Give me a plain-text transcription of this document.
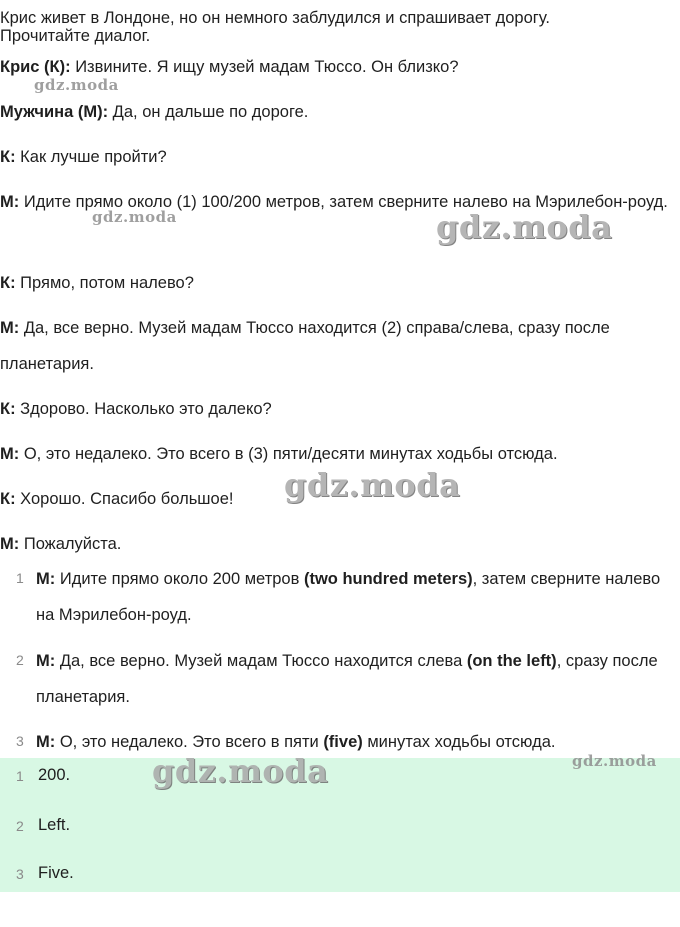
Крис живет в Лондоне, но он немного заблудился и спрашивает дорогу.
Прочитайте диалог.
Крис (К): Извините. Я ищу музей мадам Тюссо. Он близко?
Мужчина (М): Да, он дальше по дороге.
К: Как лучше пройти?
М: Идите прямо около (1) 100/200 метров, затем сверните налево на Мэрилебон-роуд.
К: Прямо, потом налево?
М: Да, все верно. Музей мадам Тюссо находится (2) справа/слева, сразу после планетария.
К: Здорово. Насколько это далеко?
М: О, это недалеко. Это всего в (3) пяти/десяти минутах ходьбы отсюда.
К: Хорошо. Спасибо большое!
М: Пожалуйста.
1 М: Идите прямо около 200 метров (two hundred meters), затем сверните налево на Мэрилебон-роуд.
2 М: Да, все верно. Музей мадам Тюссо находится слева (on the left), сразу после планетария.
3 М: О, это недалеко. Это всего в пяти (five) минутах ходьбы отсюда.
1 200.
2 Left.
3 Five.
gdz.moda
gdz.moda	gdz.moda
gdz.moda
gdz.moda	gdz.moda
